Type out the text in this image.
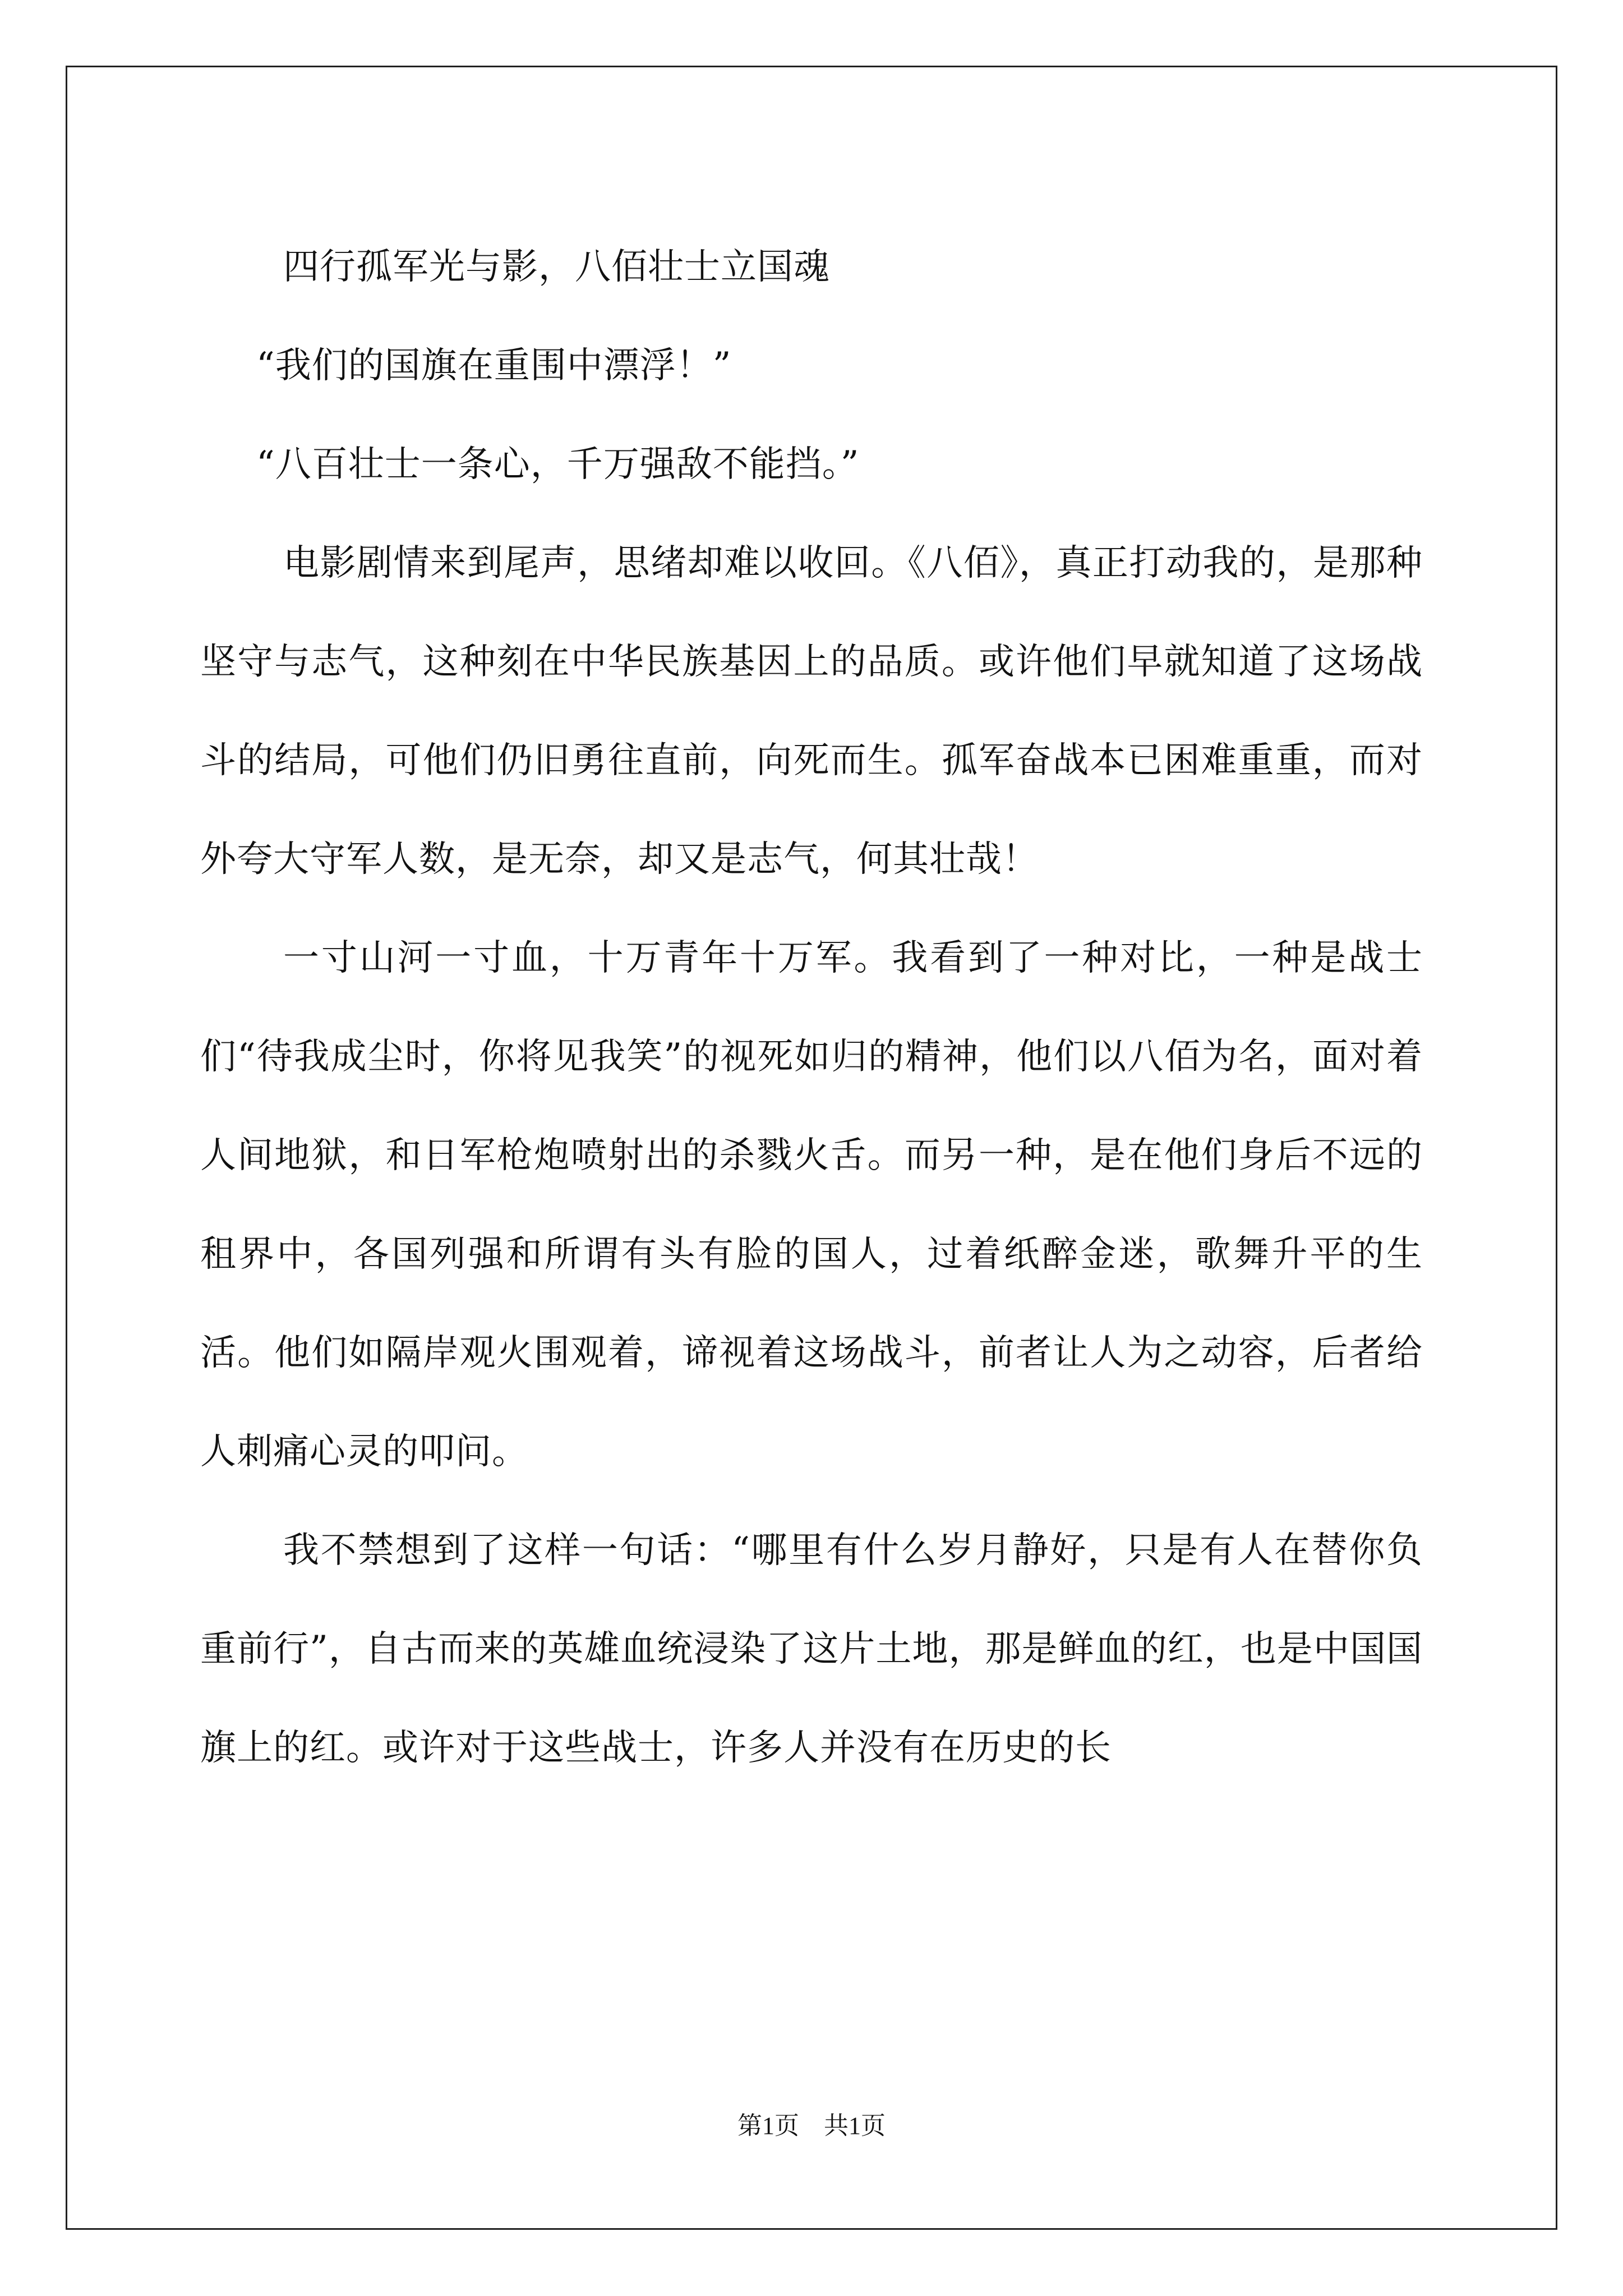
四行孤军光与影，八佰壮士立国魂

“我们的国旗在重围中漂浮！”

“八百壮士一条心，千万强敌不能挡。”

电影剧情来到尾声，思绪却难以收回。《八佰》，真正打动我的，是那种坚守与志气，这种刻在中华民族基因上的品质。或许他们早就知道了这场战斗的结局，可他们仍旧勇往直前，向死而生。孤军奋战本已困难重重，而对外夸大守军人数，是无奈，却又是志气，何其壮哉！

一寸山河一寸血，十万青年十万军。我看到了一种对比，一种是战士们“待我成尘时，你将见我笑”的视死如归的精神，他们以八佰为名，面对着人间地狱，和日军枪炮喷射出的杀戮火舌。而另一种，是在他们身后不远的租界中，各国列强和所谓有头有脸的国人，过着纸醉金迷，歌舞升平的生活。他们如隔岸观火围观着，谛视着这场战斗，前者让人为之动容，后者给人刺痛心灵的叩问。

我不禁想到了这样一句话：“哪里有什么岁月静好，只是有人在替你负重前行”，自古而来的英雄血统浸染了这片土地，那是鲜血的红，也是中国国旗上的红。或许对于这些战士，许多人并没有在历史的长

第1页 共1页
